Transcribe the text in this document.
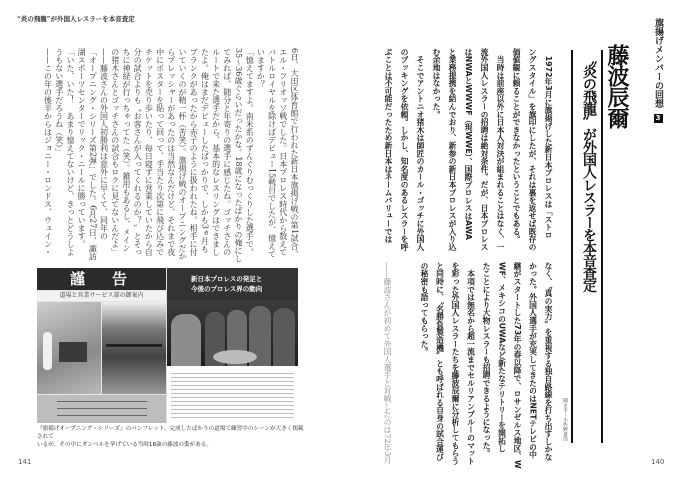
“炎の飛龍”が外国人レスラーを本音査定
6日、大田区体育館で行われた新日本旗揚げ戦の第1試合、
エル・フリオッソ戦でした。日本プロレス時代から数えて
バトルロイヤルを除けばデビュー15戦目でしたが、憶えて
いますか？
「憶えてますよ。南米系のずんぐりむっくりした選手で、
35〜36歳ぐらいだったかな。18歳になったばかりの俺にし
てみれば、随分と年寄りの選手に感じたね。ゴッチさんの
ルートで来た選手だから、基本的なレスリングはできまし
たよ。俺はまだデビューしたばっかりで、しかも3ヵ月も
ブランクがあったから赤子のように扱われたね。相手に付
いていくのが精一杯（苦笑）。旗揚げ戦のオープニングだか
らプレッシャーがあったのは当然なんだけど、それまで夜
中にポスターを貼って回って、手当たり次第に飛び込みで
チケットを売り歩いたり、毎日寝ずに営業していたから自
分の試合よりも〝お客さんが入ってくれるのか？〟とそっ
ちに神経が行っちゃってた（笑）。雑用もあるし、メイン
の猪木さんとゴッチさんの試合もロクに見てないんだよ」
——藤波さんの外国人初勝利は意外に早くて、同年の
「オープニング・シリーズ第2弾」でした。6月27日、諏訪
湖スポーツセンターでリック・ニールに勝っています。
「いた、いた！　あまり憶えてないけど、きっとどうしよ
うもない選手だろうね（笑）」
——この年の後半からはジョニー・ロンドス、ウェイン・
謹　告
道場と営業サービス部の御案内
新日本プロレスの発足と
今後のプロレス界の動向
『旗揚げオープニング・シリーズ』のパンフレット。完成したばかりの道場で練習中のシーンが大きく掲載されて
いるが、その中にダンベルを挙げている当時18歳の藤波の姿がある。
141
　1972年3月に旗揚げした新日本プロレスは「ストロ
ングスタイル」を旗印にしたが、それは裏を返せば既存の
価値観に頼ることができなかったということでもある。
　当時は前座以外に日本人対決が組まれることはなく、一
流外国人レスラーの招聘は絶対条件。だが、日本プロレス
はNWAとWWWF（現WWE）、国際プロレスはAWA
と業務提携を結んでおり、新参の新日本プロレスが入り込
む余地はなかった。
　そこでアントニオ猪木は師匠のカール・ゴッチに外国人
のブッキングを依頼。しかし、知名度のあるレスラーを呼
ぶことは不可能だったため新日本はネームバリューでは
なく、〝真の実力〟を重視する独自路線を打ち出すしかな
かった。外国人選手が充実してきたのはNETテレビの中
継がスタートした73年の春以降で、ロサンゼルス地区、W
WF、メキシコのUWAなど新たなテリトリーを開拓し
たことにより大物レスラーも招聘できるようになった。
　本項では無名から超一流までセルリアンブルーのマット
を彩った外国人レスラーたちを藤波辰爾に分析してもらう
と同時に、〝名勝負製造機〟とも呼ばれる自身の試合運び
の秘密も語ってもらった。
——藤波さんが初めて外国人選手と対戦したのは72年3月
〝炎の飛龍〟が外国人レスラーを本音査定 藤波辰爾	旗揚げメンバーの回想 3
聞き手・小佐野景浩
140
